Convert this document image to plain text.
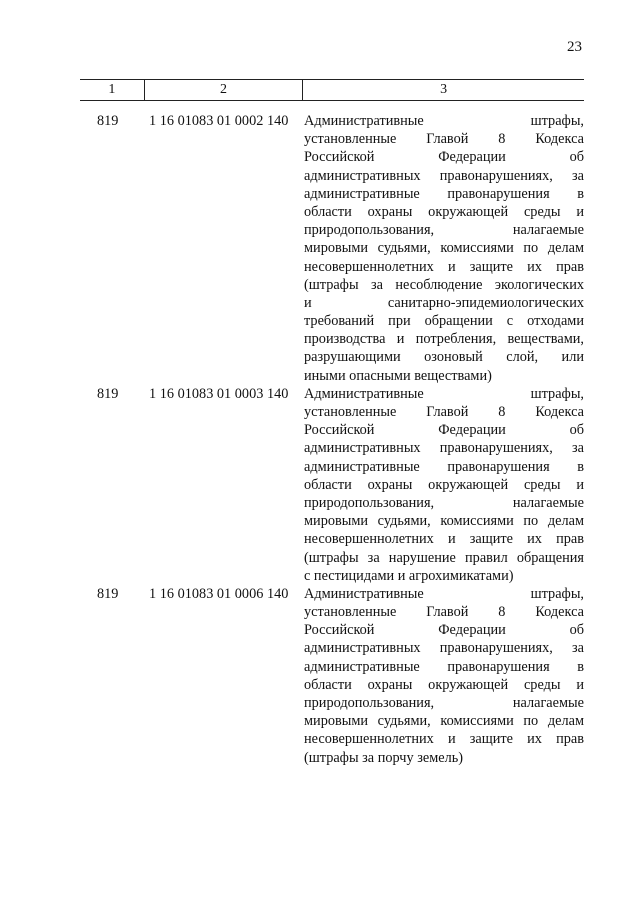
23
1	2	3
819	1 16 01083 01 0002 140	Административные штрафы,
установленные Главой 8 Кодекса
Российской Федерации об
административных правонарушениях, за
административные правонарушения в
области охраны окружающей среды и
природопользования, налагаемые
мировыми судьями, комиссиями по делам
несовершеннолетних и защите их прав
(штрафы за несоблюдение экологических
и санитарно-эпидемиологических
требований при обращении с отходами
производства и потребления, веществами,
разрушающими озоновый слой, или
иными опасными веществами)
819	1 16 01083 01 0003 140	Административные штрафы,
установленные Главой 8 Кодекса
Российской Федерации об
административных правонарушениях, за
административные правонарушения в
области охраны окружающей среды и
природопользования, налагаемые
мировыми судьями, комиссиями по делам
несовершеннолетних и защите их прав
(штрафы за нарушение правил обращения
с пестицидами и агрохимикатами)
819	1 16 01083 01 0006 140	Административные штрафы,
установленные Главой 8 Кодекса
Российской Федерации об
административных правонарушениях, за
административные правонарушения в
области охраны окружающей среды и
природопользования, налагаемые
мировыми судьями, комиссиями по делам
несовершеннолетних и защите их прав
(штрафы за порчу земель)
